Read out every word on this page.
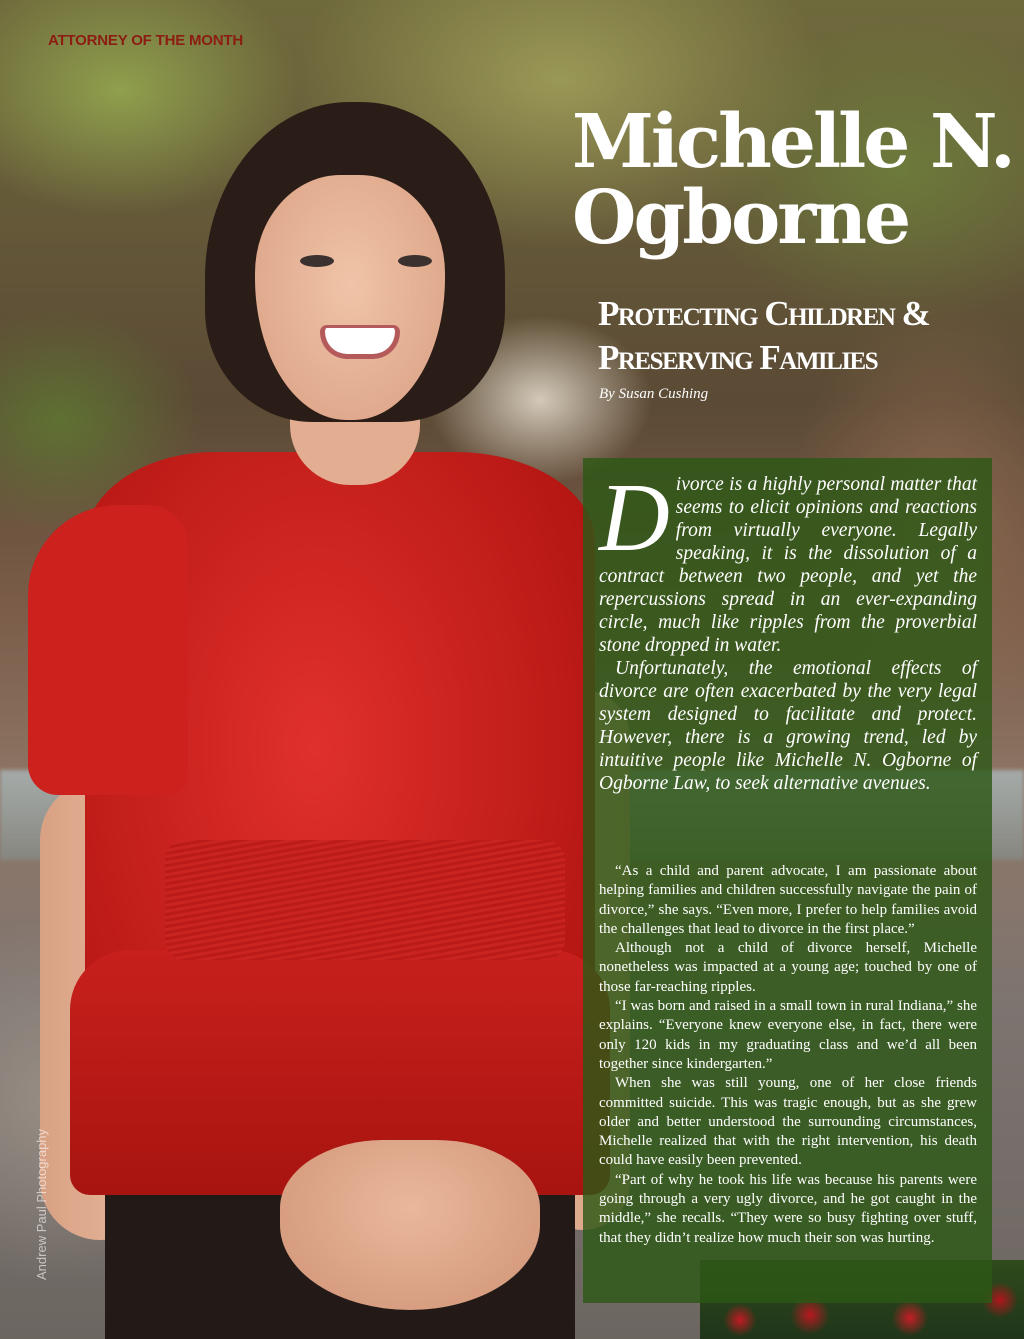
ATTORNEY OF THE MONTH

Michelle N.
Ogborne
Protecting Children &
Preserving Families

By Susan Cushing

Divorce is a highly personal matter that seems to elicit opinions and reactions from virtually everyone. Legally speaking, it is the dissolution of a contract between two people, and yet the repercussions spread in an ever-expanding circle, much like ripples from the proverbial stone dropped in water.

Unfortunately, the emotional effects of divorce are often exacerbated by the very legal system designed to facilitate and protect. However, there is a growing trend, led by intuitive people like Michelle N. Ogborne of Ogborne Law, to seek alternative avenues.

“As a child and parent advocate, I am passionate about helping families and children successfully navigate the pain of divorce,” she says. “Even more, I prefer to help families avoid the challenges that lead to divorce in the first place.”

Although not a child of divorce herself, Michelle nonetheless was impacted at a young age; touched by one of those far-reaching ripples.

“I was born and raised in a small town in rural Indiana,” she explains. “Everyone knew everyone else, in fact, there were only 120 kids in my graduating class and we’d all been together since kindergarten.”

When she was still young, one of her close friends committed suicide. This was tragic enough, but as she grew older and better understood the surrounding circumstances, Michelle realized that with the right intervention, his death could have easily been prevented.

“Part of why he took his life was because his parents were going through a very ugly divorce, and he got caught in the middle,” she recalls. “They were so busy fighting over stuff, that they didn’t realize how much their son was hurting.

Andrew Paul Photography
